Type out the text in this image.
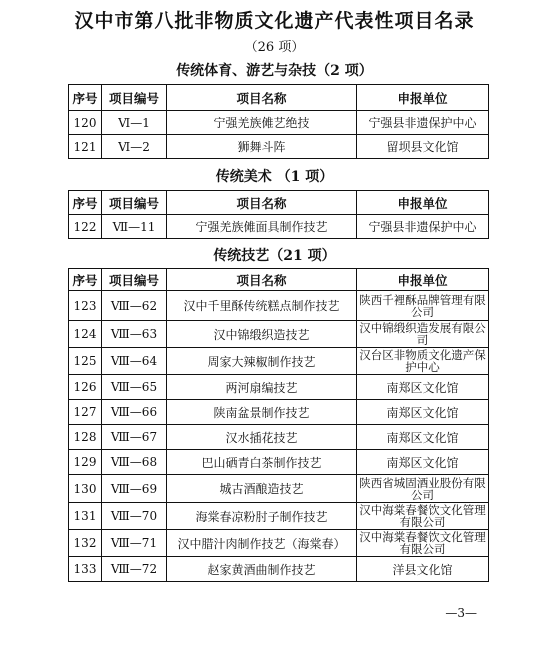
汉中市第八批非物质文化遗产代表性项目名录
（26 项）
传统体育、游艺与杂技（2 项）
序号	项目编号	项目名称	申报单位
120	Ⅵ—1	宁强羌族傩艺绝技	宁强县非遗保护中心
121	Ⅵ—2	狮舞斗阵	留坝县文化馆
传统美术 （1 项）
序号	项目编号	项目名称	申报单位
122	Ⅶ—11	宁强羌族傩面具制作技艺	宁强县非遗保护中心
传统技艺（21 项）
序号	项目编号	项目名称	申报单位
123	Ⅷ—62	汉中千里酥传统糕点制作技艺	陕西千裡酥品牌管理有限公司
124	Ⅷ—63	汉中锦缎织造技艺	汉中锦缎织造发展有限公司
125	Ⅷ—64	周家大辣椒制作技艺	汉台区非物质文化遗产保护中心
126	Ⅷ—65	两河扇编技艺	南郑区文化馆
127	Ⅷ—66	陕南盆景制作技艺	南郑区文化馆
128	Ⅷ—67	汉水插花技艺	南郑区文化馆
129	Ⅷ—68	巴山硒青白茶制作技艺	南郑区文化馆
130	Ⅷ—69	城古酒酿造技艺	陕西省城固酒业股份有限公司
131	Ⅷ—70	海棠春凉粉肘子制作技艺	汉中海棠春餐饮文化管理有限公司
132	Ⅷ—71	汉中腊汁肉制作技艺（海棠春）	汉中海棠春餐饮文化管理有限公司
133	Ⅷ—72	赵家黄酒曲制作技艺	洋县文化馆
—3—
